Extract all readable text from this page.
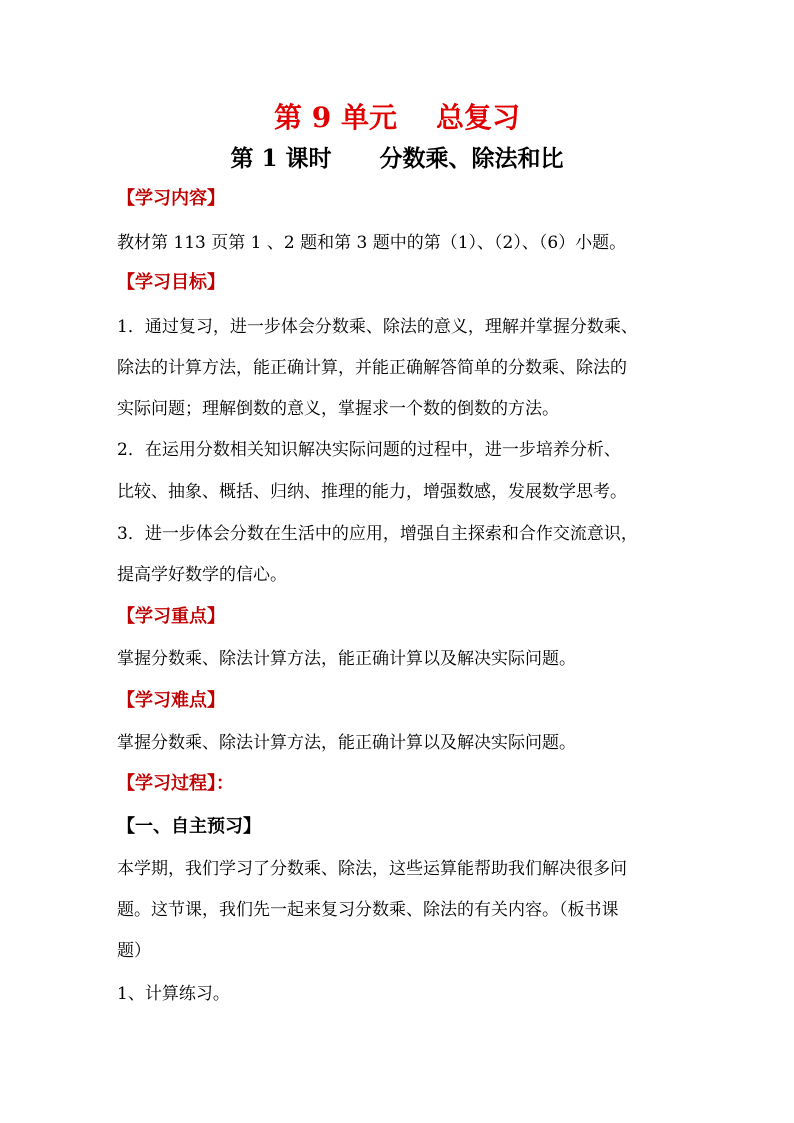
第 9 单元    总复习
第 1 课时      分数乘、除法和比
【学习内容】
教材第 113 页第 1 、2 题和第 3 题中的第（1）、（2）、（6）小题。
【学习目标】
1．通过复习，进一步体会分数乘、除法的意义，理解并掌握分数乘、
除法的计算方法，能正确计算，并能正确解答简单的分数乘、除法的
实际问题；理解倒数的意义，掌握求一个数的倒数的方法。
2．在运用分数相关知识解决实际问题的过程中，进一步培养分析、
比较、抽象、概括、归纳、推理的能力，增强数感，发展数学思考。
3．进一步体会分数在生活中的应用，增强自主探索和合作交流意识，
提高学好数学的信心。
【学习重点】
掌握分数乘、除法计算方法，能正确计算以及解决实际问题。
【学习难点】
掌握分数乘、除法计算方法，能正确计算以及解决实际问题。
【学习过程】：
【一、自主预习】
本学期，我们学习了分数乘、除法，这些运算能帮助我们解决很多问
题。这节课，我们先一起来复习分数乘、除法的有关内容。（板书课
题）
1、计算练习。
